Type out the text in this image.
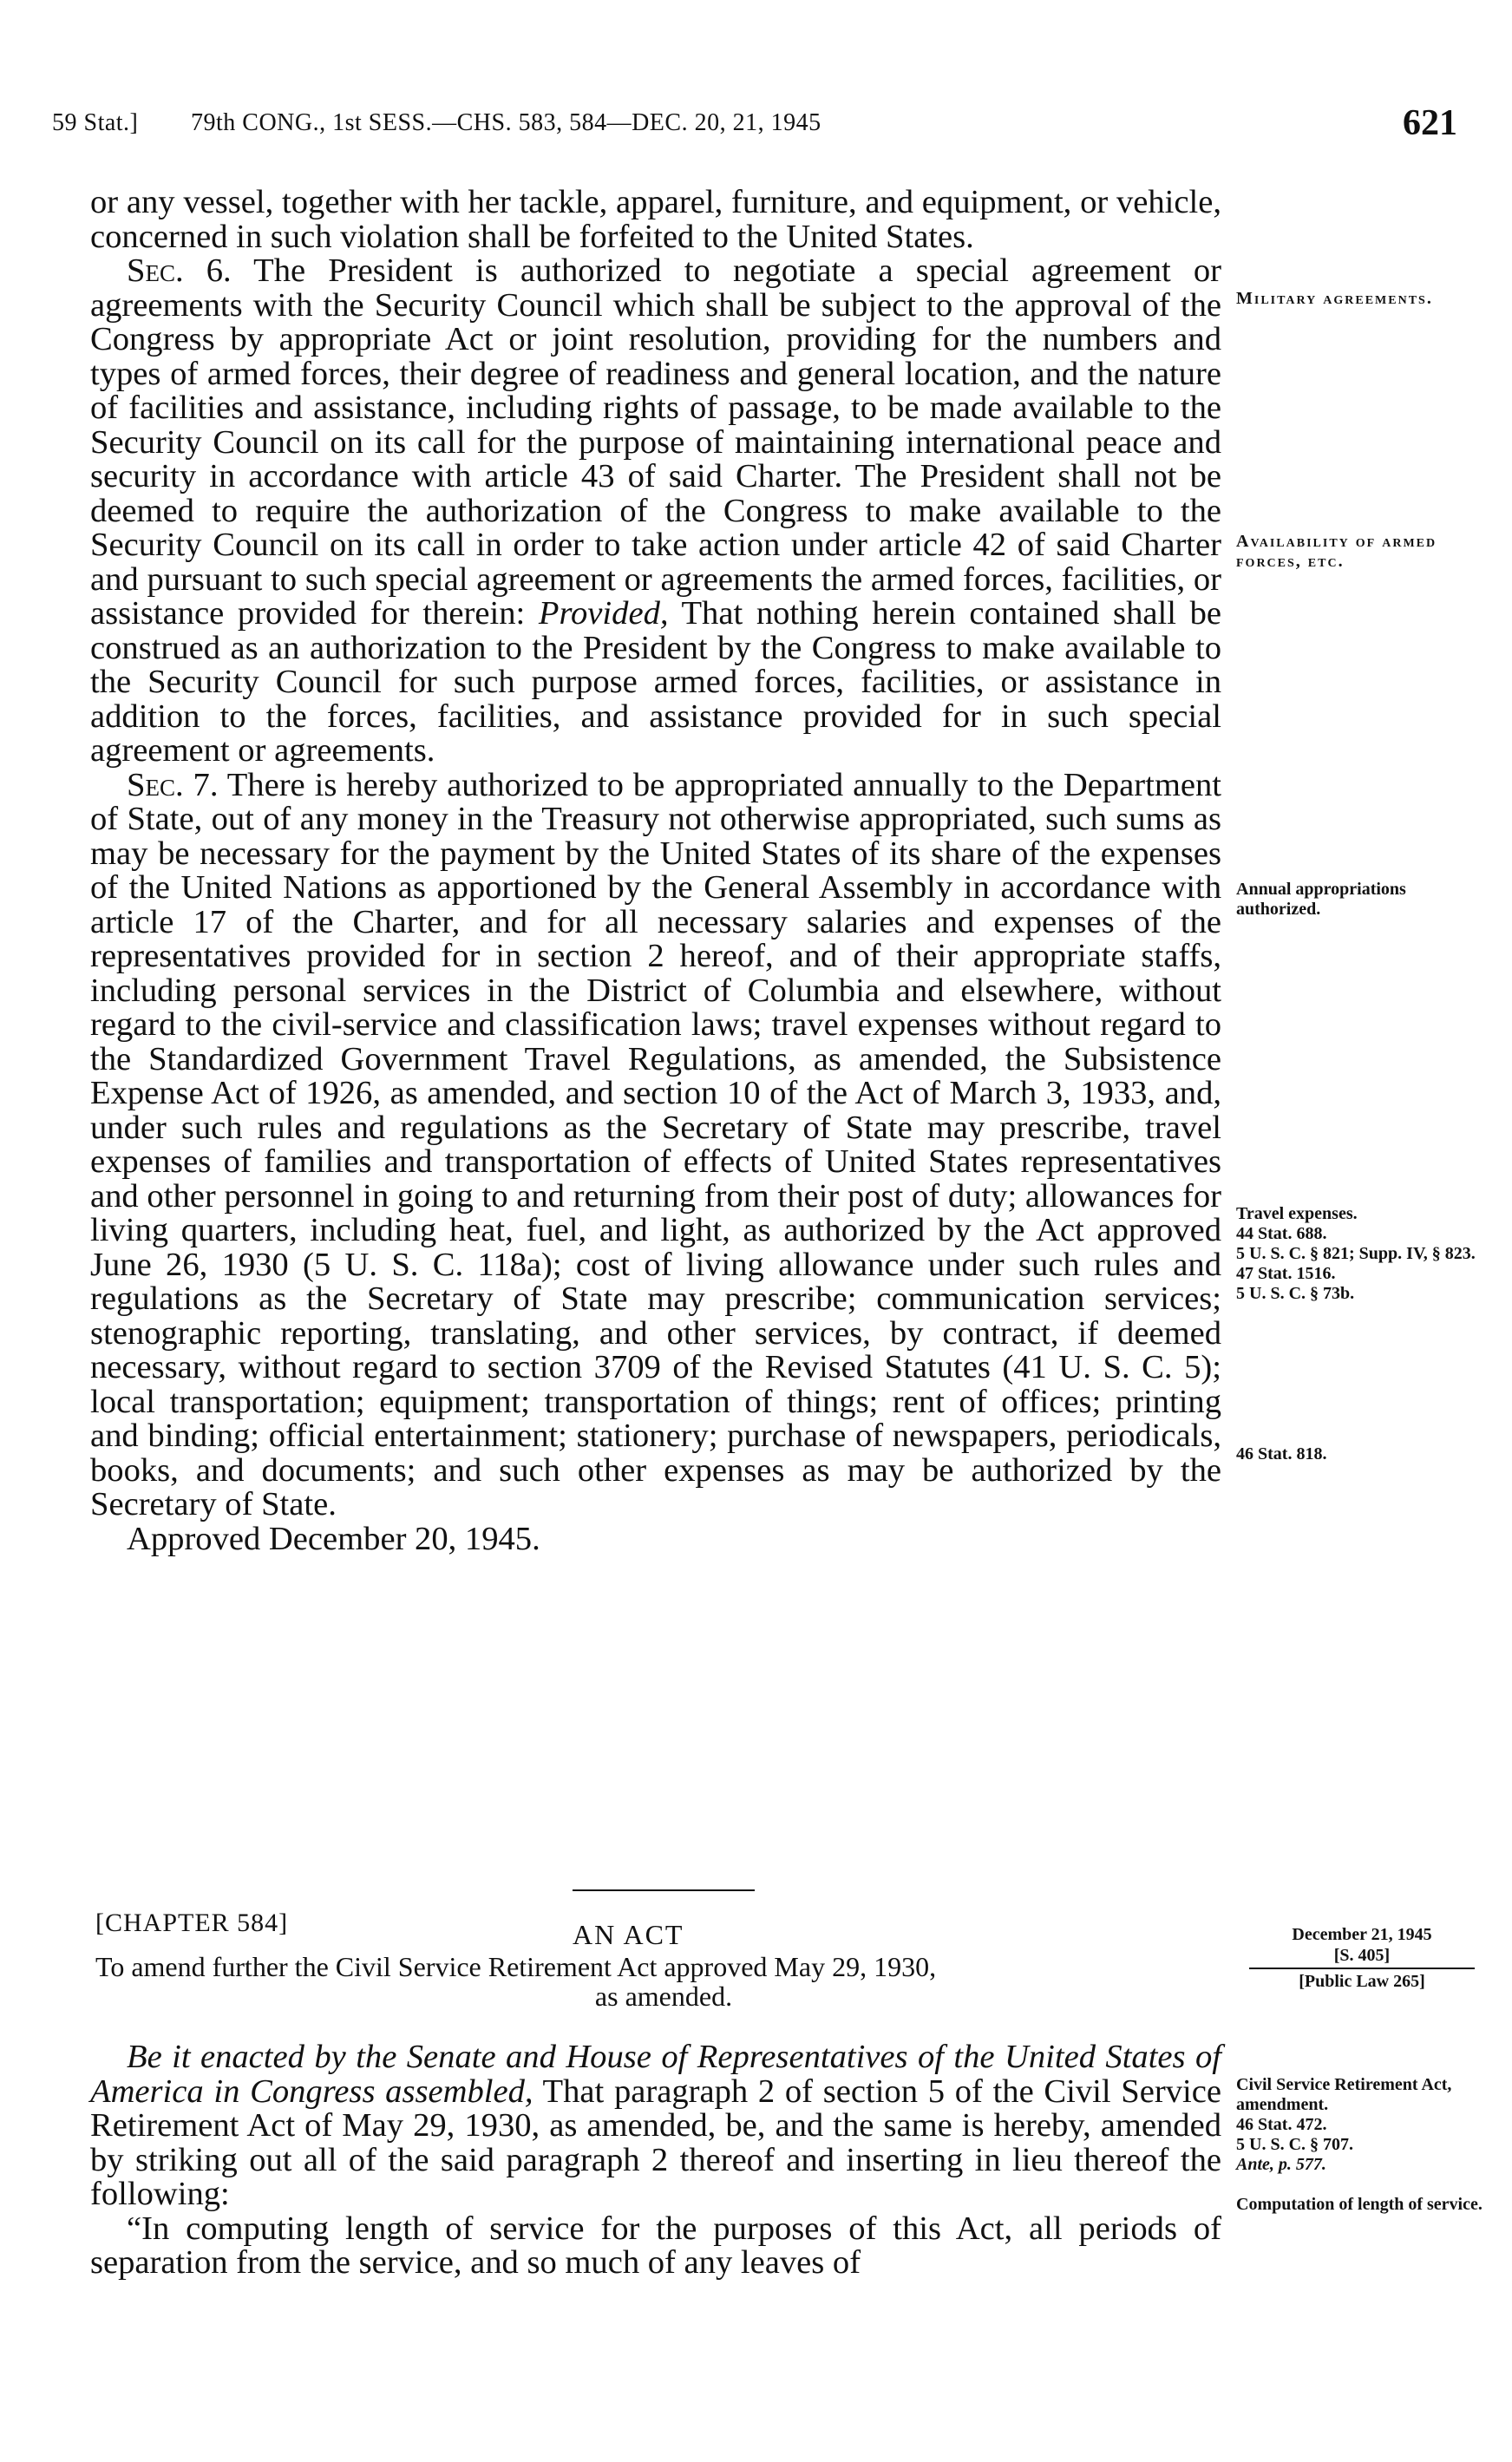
59 Stat.] 79th CONG., 1st SESS.—CHS. 583, 584—DEC. 20, 21, 1945	621

or any vessel, together with her tackle, apparel, furniture, and equipment, or vehicle, concerned in such violation shall be forfeited to the United States.

Sec. 6. The President is authorized to negotiate a special agreement or agreements with the Security Council which shall be subject to the approval of the Congress by appropriate Act or joint resolution, providing for the numbers and types of armed forces, their degree of readiness and general location, and the nature of facilities and assistance, including rights of passage, to be made available to the Security Council on its call for the purpose of maintaining international peace and security in accordance with article 43 of said Charter. The President shall not be deemed to require the authorization of the Congress to make available to the Security Council on its call in order to take action under article 42 of said Charter and pursuant to such special agreement or agreements the armed forces, facilities, or assistance provided for therein: Provided, That nothing herein contained shall be construed as an authorization to the President by the Congress to make available to the Security Council for such purpose armed forces, facilities, or assistance in addition to the forces, facilities, and assistance provided for in such special agreement or agreements.

Sec. 7. There is hereby authorized to be appropriated annually to the Department of State, out of any money in the Treasury not otherwise appropriated, such sums as may be necessary for the payment by the United States of its share of the expenses of the United Nations as apportioned by the General Assembly in accordance with article 17 of the Charter, and for all necessary salaries and expenses of the representatives provided for in section 2 hereof, and of their appropriate staffs, including personal services in the District of Columbia and elsewhere, without regard to the civil-service and classification laws; travel expenses without regard to the Standardized Government Travel Regulations, as amended, the Subsistence Expense Act of 1926, as amended, and section 10 of the Act of March 3, 1933, and, under such rules and regulations as the Secretary of State may prescribe, travel expenses of families and transportation of effects of United States representatives and other personnel in going to and returning from their post of duty; allowances for living quarters, including heat, fuel, and light, as authorized by the Act approved June 26, 1930 (5 U. S. C. 118a); cost of living allowance under such rules and regulations as the Secretary of State may prescribe; communication services; stenographic reporting, translating, and other services, by contract, if deemed necessary, without regard to section 3709 of the Revised Statutes (41 U. S. C. 5); local transportation; equipment; transportation of things; rent of offices; printing and binding; official entertainment; stationery; purchase of newspapers, periodicals, books, and documents; and such other expenses as may be authorized by the Secretary of State.

Approved December 20, 1945.

Military agreements.
Availability of armed forces, etc.
Annual appropriations authorized.
Travel expenses.
44 Stat. 688.
5 U. S. C. § 821; Supp. IV, § 823.
47 Stat. 1516.
5 U. S. C. § 73b.
46 Stat. 818.
[CHAPTER 584]	AN ACT
To amend further the Civil Service Retirement Act approved May 29, 1930,
as amended.
December 21, 1945
[S. 405]
[Public Law 265]

Be it enacted by the Senate and House of Representatives of the United States of America in Congress assembled, That paragraph 2 of section 5 of the Civil Service Retirement Act of May 29, 1930, as amended, be, and the same is hereby, amended by striking out all of the said paragraph 2 thereof and inserting in lieu thereof the following:

“In computing length of service for the purposes of this Act, all periods of separation from the service, and so much of any leaves of

Civil Service Retirement Act, amendment.
46 Stat. 472.
5 U. S. C. § 707.
Ante, p. 577.
Computation of length of service.
